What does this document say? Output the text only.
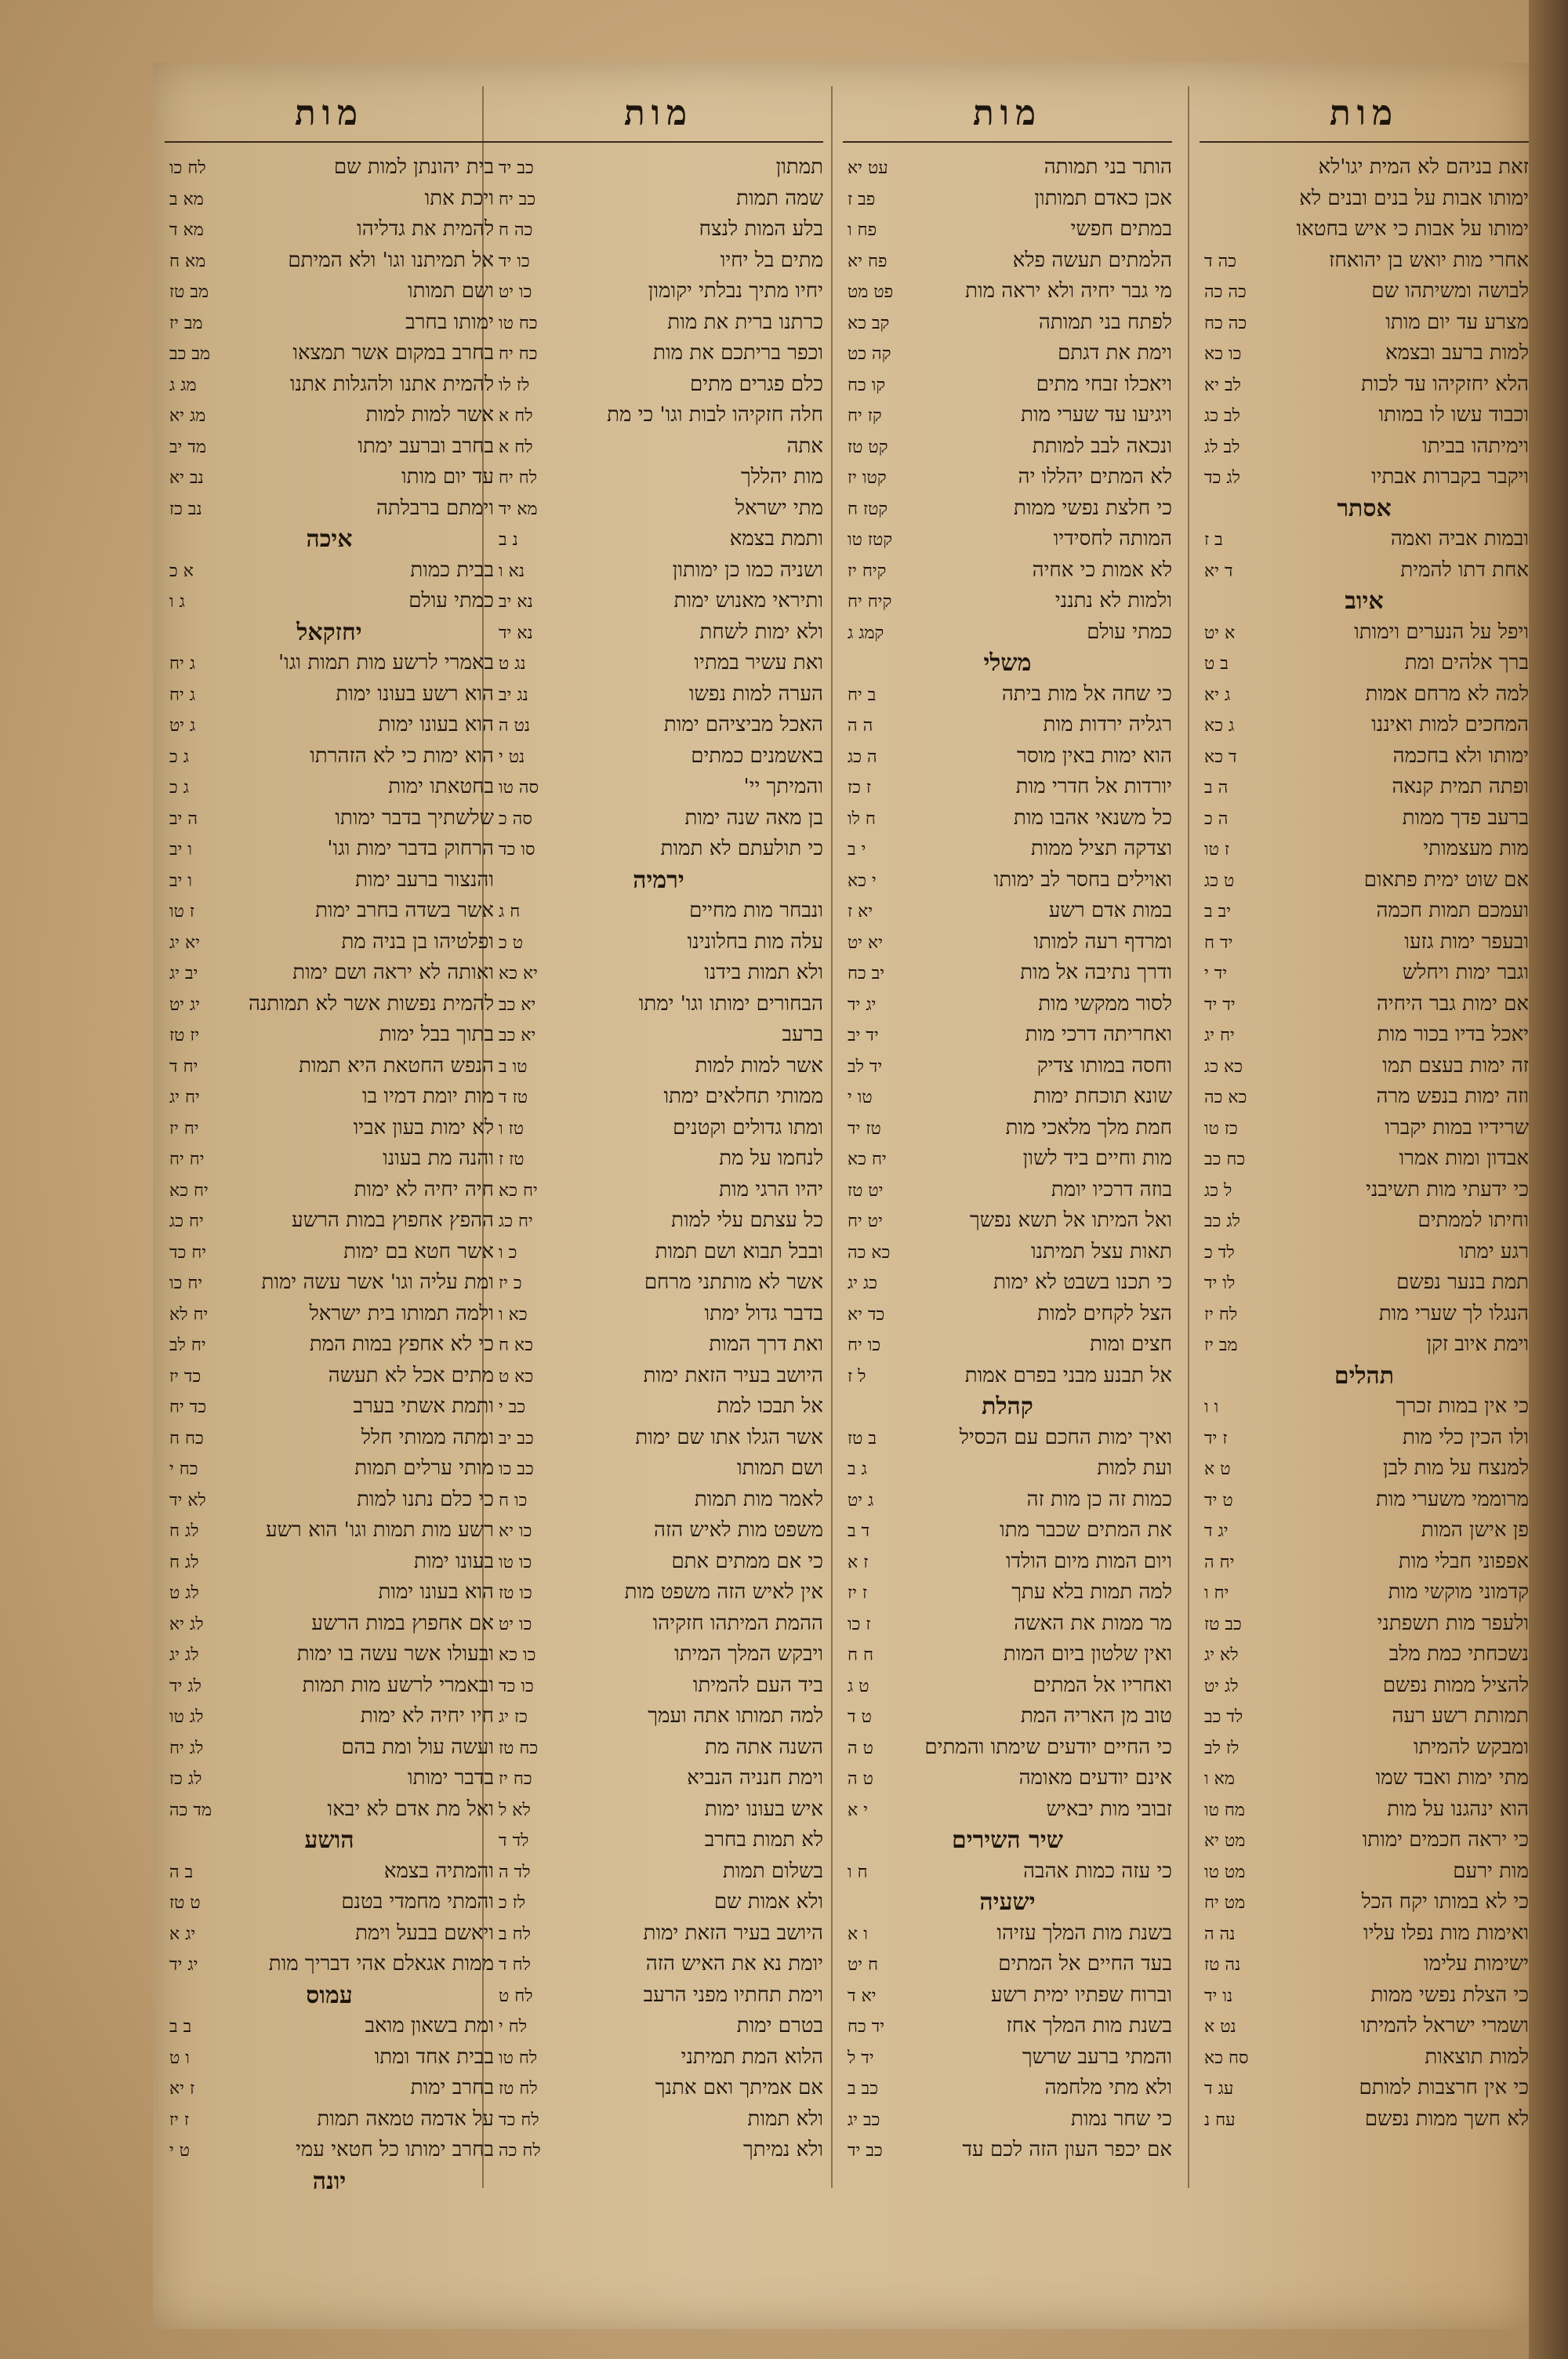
מות
זאת בניהם לא המית יגו'לא
ימותו אבות על בנים ובנים לא
ימותו על אבות כי איש בחטאו
אחרי מות יואש בן יהואחז
כה ד
לבושה ומשיתהו שם
כה כה
מצרע עד יום מותו
כה כח
למות ברעב ובצמא
כו כא
הלא יחזקיהו עד לכות
לב יא
וכבוד עשו לו במותו
לב כג
וימיתהו בביתו
לב לג
ויקבר בקברות אבתיו
לג כד
אסתר
ובמות אביה ואמה
ב ז
אחת דתו להמית
ד יא
איוב
ויפל על הנערים וימותו
א יט
ברך אלהים ומת
ב ט
למה לא מרחם אמות
ג יא
המחכים למות ואיננו
ג כא
ימותו ולא בחכמה
ד כא
ופתה תמית קנאה
ה ב
ברעב פדך ממות
ה כ
מות מעצמותי
ז טו
אם שוט ימית פתאום
ט כג
ועמכם תמות חכמה
יב ב
ובעפר ימות גזעו
יד ח
וגבר ימות ויחלש
יד י
אם ימות גבר היחיה
יד יד
יאכל בדיו בכור מות
יח יג
זה ימות בעצם תמו
כא כג
וזה ימות בנפש מרה
כא כה
שרידיו במות יקברו
כז טו
אבדון ומות אמרו
כח כב
כי ידעתי מות תשיבני
ל כג
וחיתו לממתים
לג כב
רגע ימתו
לד כ
תמת בנער נפשם
לו יד
הנגלו לך שערי מות
לח יז
וימת איוב זקן
מב יז
תהלים
כי אין במות זכרך
ו ו
ולו הכין כלי מות
ז יד
למנצח על מות לבן
ט א
מרוממי משערי מות
ט יד
פן אישן המות
יג ד
אפפוני חבלי מות
יח ה
קדמוני מוקשי מות
יח ו
ולעפר מות תשפתני
כב טז
נשכחתי כמת מלב
לא יג
להציל ממות נפשם
לג יט
תמותת רשע רעה
לד כב
ומבקש להמיתו
לז לב
מתי ימות ואבד שמו
מא ו
הוא ינהגנו על מות
מח טו
כי יראה חכמים ימותו
מט יא
מות ירעם
מט טו
כי לא במותו יקח הכל
מט יח
ואימות מות נפלו עליו
נה ה
ישימות עלימו
נה טז
כי הצלת נפשי ממות
נו יד
ושמרי ישראל להמיתו
נט א
למות תוצאות
סח כא
כי אין חרצבות למותם
עג ד
לא חשך ממות נפשם
עח נ
מות
הותר בני תמותה
עט יא
אכן כאדם תמותון
פב ז
במתים חפשי
פח ו
הלמתים תעשה פלא
פח יא
מי גבר יחיה ולא יראה מות
פט מט
לפתח בני תמותה
קב כא
וימת את דגתם
קה כט
ויאכלו זבחי מתים
קו כח
ויגיעו עד שערי מות
קז יח
ונכאה לבב למותת
קט טז
לא המתים יהללו יה
קטו יז
כי חלצת נפשי ממות
קטז ח
המותה לחסידיו
קטז טו
לא אמות כי אחיה
קיח יז
ולמות לא נתנני
קיח יח
כמתי עולם
קמג ג
משלי
כי שחה אל מות ביתה
ב יח
רגליה ירדות מות
ה ה
הוא ימות באין מוסר
ה כג
יורדות אל חדרי מות
ז כז
כל משנאי אהבו מות
ח לו
וצדקה תציל ממות
י ב
ואוילים בחסר לב ימותו
י כא
במות אדם רשע
יא ז
ומרדף רעה למותו
יא יט
ודרך נתיבה אל מות
יב כח
לסור ממקשי מות
יג יד
ואחריתה דרכי מות
יד יב
וחסה במותו צדיק
יד לב
שונא תוכחת ימות
טו י
חמת מלך מלאכי מות
טז יד
מות וחיים ביד לשון
יח כא
בוזה דרכיו יומת
יט טז
ואל המיתו אל תשא נפשך
יט יח
תאות עצל תמיתנו
כא כה
כי תכנו בשבט לא ימות
כג יג
הצל לקחים למות
כד יא
חצים ומות
כו יח
אל תבנע מבני בפרם אמות
ל ז
קהלת
ואיך ימות החכם עם הכסיל
ב טז
ועת למות
ג ב
כמות זה כן מות זה
ג יט
את המתים שכבר מתו
ד ב
ויום המות מיום הולדו
ז א
למה תמות בלא עתך
ז יז
מר ממות את האשה
ז כו
ואין שלטון ביום המות
ח ח
ואחריו אל המתים
ט ג
טוב מן האריה המת
ט ד
כי החיים יודעים שימתו והמתים
ט ה
אינם יודעים מאומה
ט ה
זבובי מות יבאיש
י א
שיר השירים
כי עזה כמות אהבה
ח ו
ישעיה
בשנת מות המלך עזיהו
ו א
בעד החיים אל המתים
ח יט
וברוח שפתיו ימית רשע
יא ד
בשנת מות המלך אחז
יד כח
והמתי ברעב שרשך
יד ל
ולא מתי מלחמה
כב ב
כי שחר נמות
כב יג
אם יכפר העון הזה לכם עד
כב יד
מות
תמתון
כב יד
שמה תמות
כב יח
בלע המות לנצח
כה ח
מתים בל יחיו
כו יד
יחיו מתיך נבלתי יקומון
כו יט
כרתנו ברית את מות
כח טו
וכפר בריתכם את מות
כח יח
כלם פגרים מתים
לז לו
חלה חזקיהו לבות וגו' כי מת
לח א
אתה
לח א
מות יהללך
לח יח
מתי ישראל
מא יד
ותמת בצמא
נ ב
ושניה כמו כן ימותון
נא ו
ותיראי מאנוש ימות
נא יב
ולא ימות לשחת
נא יד
ואת עשיר במתיו
נג ט
הערה למות נפשו
נג יב
האכל מביציהם ימות
נט ה
באשמנים כמתים
נט י
והמיתך יי'
סה טו
בן מאה שנה ימות
סה כ
כי תולעתם לא תמות
סו כד
ירמיה
ונבחר מות מחיים
ח ג
עלה מות בחלונינו
ט כ
ולא תמות בידנו
יא כא
הבחורים ימותו וגו' ימתו
יא כב
ברעב
יא כב
אשר למות למות
טו ב
ממותי תחלאים ימתו
טז ד
ומתו גדולים וקטנים
טז ו
לנחמו על מת
טז ז
יהיו הרגי מות
יח כא
כל עצתם עלי למות
יח כג
ובבל תבוא ושם תמות
כ ו
אשר לא מותתני מרחם
כ יז
בדבר גדול ימתו
כא ו
ואת דרך המות
כא ח
היושב בעיר הזאת ימות
כא ט
אל תבכו למת
כב י
אשר הגלו אתו שם ימות
כב יב
ושם תמותו
כב כו
לאמר מות תמות
כו ח
משפט מות לאיש הזה
כו יא
כי אם ממתים אתם
כו טו
אין לאיש הזה משפט מות
כו טז
ההמת המיתהו חזקיהו
כו יט
ויבקש המלך המיתו
כו כא
ביד העם להמיתו
כו כד
למה תמותו אתה ועמך
כז יג
השנה אתה מת
כח טז
וימת חנניה הנביא
כח יז
איש בעונו ימות
לא ל
לא תמות בחרב
לד ד
בשלום תמות
לד ה
ולא אמות שם
לז כ
היושב בעיר הזאת ימות
לח ב
יומת נא את האיש הזה
לח ד
וימת תחתיו מפני הרעב
לח ט
בטרם ימות
לח י
הלוא המת תמיתני
לח טו
אם אמיתך ואם אתנך
לח טז
ולא תמות
לח כד
ולא נמיתך
לח כה
מות
בית יהונתן למות שם
לח כו
ויכת אתו
מא ב
להמית את גדליהו
מא ד
אל תמיתנו וגו' ולא המיתם
מא ח
ושם תמותו
מב טז
ימותו בחרב
מב יז
בחרב במקום אשר תמצאו
מב כב
להמית אתנו ולהגלות אתנו
מג ג
אשר למות למות
מג יא
בחרב וברעב ימתו
מד יב
עד יום מותו
נב יא
וימתם ברבלתה
נב כז
איכה
בבית כמות
א כ
כמתי עולם
ג ו
יחזקאל
באמרי לרשע מות תמות וגו'
ג יח
הוא רשע בעונו ימות
ג יח
הוא בעונו ימות
ג יט
הוא ימות כי לא הזהרתו
ג כ
בחטאתו ימות
ג כ
שלשתיך בדבר ימותו
ה יב
הרחוק בדבר ימות וגו'
ו יב
והנצור ברעב ימות
ו יב
אשר בשדה בחרב ימות
ז טו
ופלטיהו בן בניה מת
יא יג
ואותה לא יראה ושם ימות
יב יג
להמית נפשות אשר לא תמותנה
יג יט
בתוך בבל ימות
יז טז
הנפש החטאת היא תמות
יח ד
מות יומת דמיו בו
יח יג
לא ימות בעון אביו
יח יז
והנה מת בעונו
יח יח
חיה יחיה לא ימות
יח כא
ההפץ אחפוץ במות הרשע
יח כג
אשר חטא בם ימות
יח כד
ומת עליה וגו' אשר עשה ימות
יח כו
ולמה תמותו בית ישראל
יח לא
כי לא אחפץ במות המת
יח לב
מתים אכל לא תעשה
כד יז
ותמת אשתי בערב
כד יח
ומתה ממותי חלל
כח ח
מותי ערלים תמות
כח י
כי כלם נתנו למות
לא יד
רשע מות תמות וגו' הוא רשע
לג ח
בעונו ימות
לג ח
הוא בעונו ימות
לג ט
אם אחפוץ במות הרשע
לג יא
ובעולו אשר עשה בו ימות
לג יג
ובאמרי לרשע מות תמות
לג יד
חיו יחיה לא ימות
לג טו
ועשה עול ומת בהם
לג יח
בדבר ימותו
לג כז
ואל מת אדם לא יבאו
מד כה
הושע
והמתיה בצמא
ב ה
והמתי מחמדי בטנם
ט טז
ויאשם בבעל וימת
יג א
ממות אגאלם אהי דבריך מות
יג יד
עמוס
ומת בשאון מואב
ב ב
בבית אחד ומתו
ו ט
בחרב ימות
ז יא
על אדמה טמאה תמות
ז יז
בחרב ימותו כל חטאי עמי
ט י
יונה
